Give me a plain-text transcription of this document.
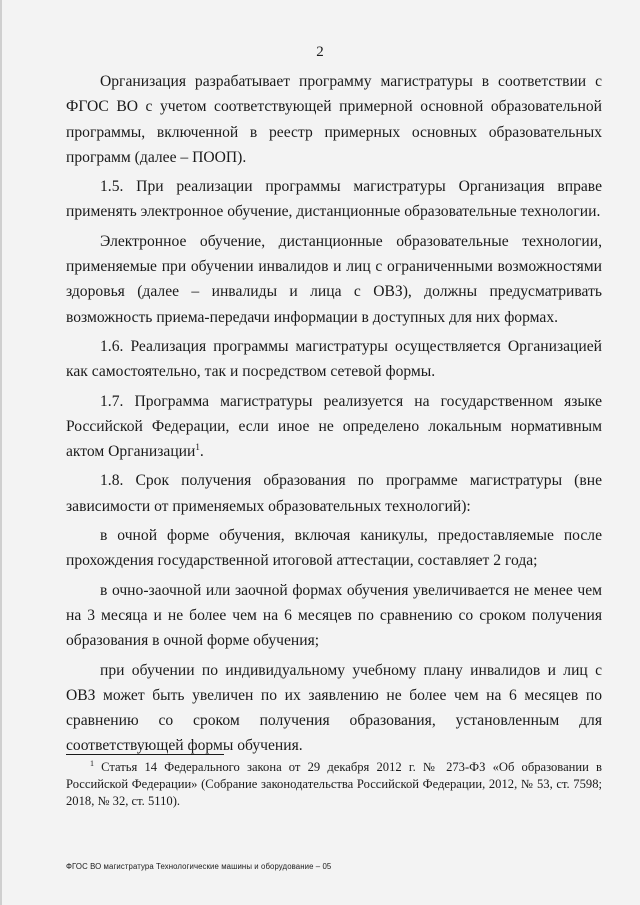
2

Организация разрабатывает программу магистратуры в соответствии с ФГОС ВО с учетом соответствующей примерной основной образовательной программы, включенной в реестр примерных основных образовательных программ (далее – ПООП).

1.5. При реализации программы магистратуры Организация вправе применять электронное обучение, дистанционные образовательные технологии.

Электронное обучение, дистанционные образовательные технологии, применяемые при обучении инвалидов и лиц с ограниченными возможностями здоровья (далее – инвалиды и лица с ОВЗ), должны предусматривать возможность приема-передачи информации в доступных для них формах.

1.6. Реализация программы магистратуры осуществляется Организацией как самостоятельно, так и посредством сетевой формы.

1.7. Программа магистратуры реализуется на государственном языке Российской Федерации, если иное не определено локальным нормативным актом Организации$^1$.

1.8. Срок получения образования по программе магистратуры (вне зависимости от применяемых образовательных технологий):

в очной форме обучения, включая каникулы, предоставляемые после прохождения государственной итоговой аттестации, составляет 2 года;

в очно-заочной или заочной формах обучения увеличивается не менее чем на 3 месяца и не более чем на 6 месяцев по сравнению со сроком получения образования в очной форме обучения;

при обучении по индивидуальному учебному плану инвалидов и лиц с ОВЗ может быть увеличен по их заявлению не более чем на 6 месяцев по сравнению со сроком получения образования, установленным для соответствующей формы обучения.

$^1$ Статья 14 Федерального закона от 29 декабря 2012 г. № 273-ФЗ «Об образовании в Российской Федерации» (Собрание законодательства Российской Федерации, 2012, № 53, ст. 7598; 2018, № 32, ст. 5110).

ФГОС ВО магистратура Технологические машины и оборудование – 05
